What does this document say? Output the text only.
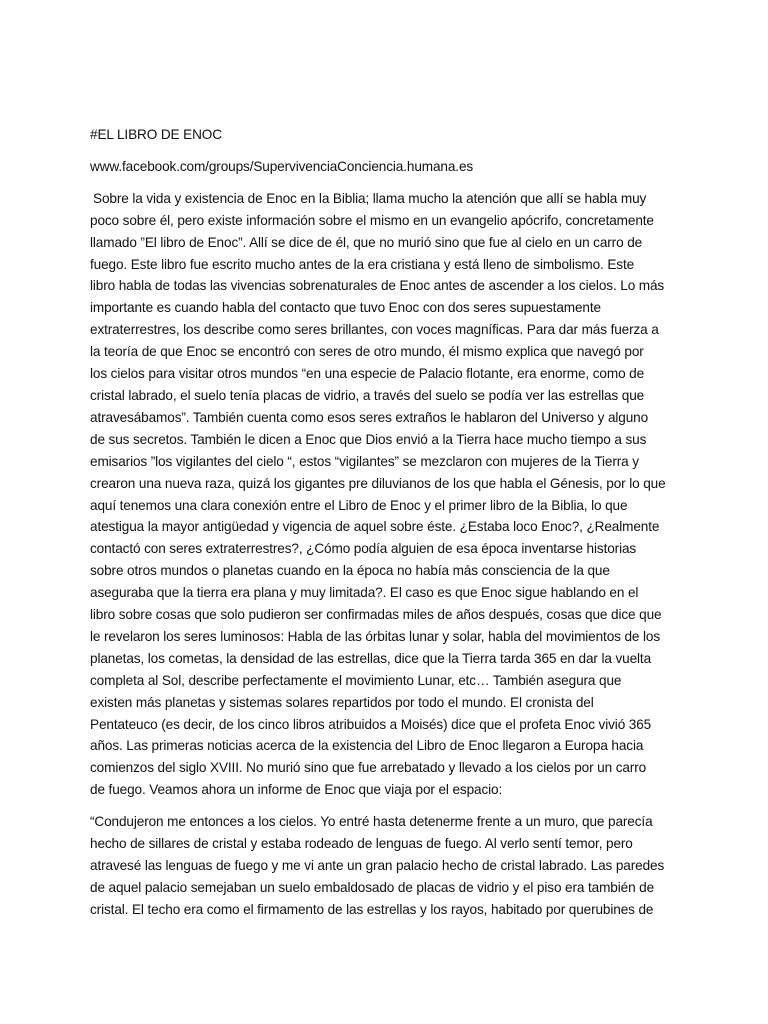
#EL LIBRO DE ENOC
www.facebook.com/groups/SupervivenciaConciencia.humana.es
Sobre la vida y existencia de Enoc en la Biblia; llama mucho la atención que allí se habla muy
poco sobre él, pero existe información sobre el mismo en un evangelio apócrifo, concretamente
llamado ”El libro de Enoc”. Allí se dice de él, que no murió sino que fue al cielo en un carro de
fuego. Este libro fue escrito mucho antes de la era cristiana y está lleno de simbolismo. Este
libro habla de todas las vivencias sobrenaturales de Enoc antes de ascender a los cielos. Lo más
importante es cuando habla del contacto que tuvo Enoc con dos seres supuestamente
extraterrestres, los describe como seres brillantes, con voces magníficas. Para dar más fuerza a
la teoría de que Enoc se encontró con seres de otro mundo, él mismo explica que navegó por
los cielos para visitar otros mundos “en una especie de Palacio flotante, era enorme, como de
cristal labrado, el suelo tenía placas de vidrio, a través del suelo se podía ver las estrellas que
atravesábamos”. También cuenta como esos seres extraños le hablaron del Universo y alguno
de sus secretos. También le dicen a Enoc que Dios envió a la Tierra hace mucho tiempo a sus
emisarios ”los vigilantes del cielo “, estos “vigilantes” se mezclaron con mujeres de la Tierra y
crearon una nueva raza, quizá los gigantes pre diluvianos de los que habla el Génesis, por lo que
aquí tenemos una clara conexión entre el Libro de Enoc y el primer libro de la Biblia, lo que
atestigua la mayor antigüedad y vigencia de aquel sobre éste. ¿Estaba loco Enoc?, ¿Realmente
contactó con seres extraterrestres?, ¿Cómo podía alguien de esa época inventarse historias
sobre otros mundos o planetas cuando en la época no había más consciencia de la que
aseguraba que la tierra era plana y muy limitada?. El caso es que Enoc sigue hablando en el
libro sobre cosas que solo pudieron ser confirmadas miles de años después, cosas que dice que
le revelaron los seres luminosos: Habla de las órbitas lunar y solar, habla del movimientos de los
planetas, los cometas, la densidad de las estrellas, dice que la Tierra tarda 365 en dar la vuelta
completa al Sol, describe perfectamente el movimiento Lunar, etc… También asegura que
existen más planetas y sistemas solares repartidos por todo el mundo. El cronista del
Pentateuco (es decir, de los cinco libros atribuidos a Moisés) dice que el profeta Enoc vivió 365
años. Las primeras noticias acerca de la existencia del Libro de Enoc llegaron a Europa hacia
comienzos del siglo XVIII. No murió sino que fue arrebatado y llevado a los cielos por un carro
de fuego. Veamos ahora un informe de Enoc que viaja por el espacio:
“Condujeron me entonces a los cielos. Yo entré hasta detenerme frente a un muro, que parecía
hecho de sillares de cristal y estaba rodeado de lenguas de fuego. Al verlo sentí temor, pero
atravesé las lenguas de fuego y me vi ante un gran palacio hecho de cristal labrado. Las paredes
de aquel palacio semejaban un suelo embaldosado de placas de vidrio y el piso era también de
cristal. El techo era como el firmamento de las estrellas y los rayos, habitado por querubines de
